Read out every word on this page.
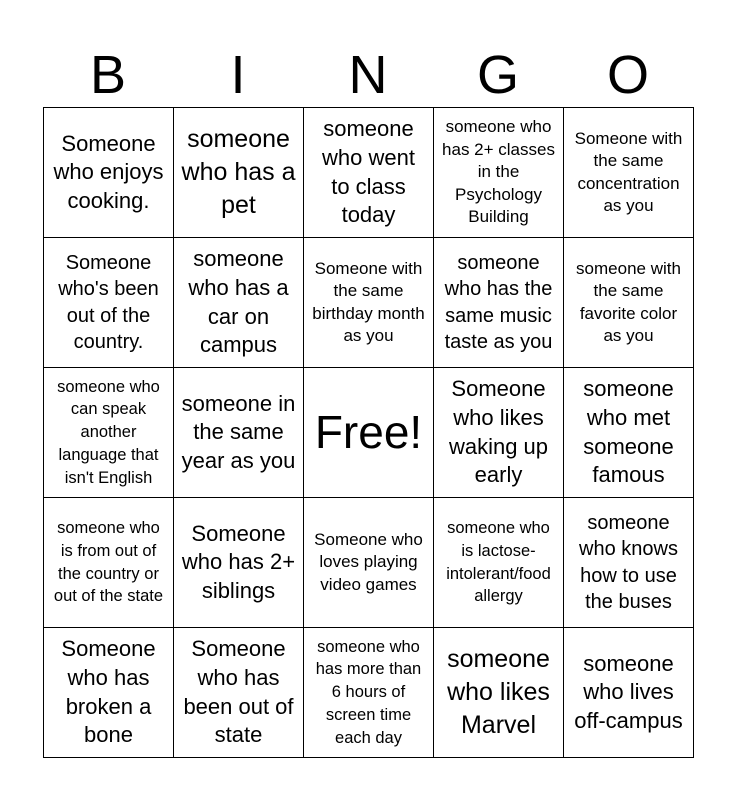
B	I	N	G	O
Someone who enjoys cooking.
someone who has a pet
someone who went to class today
someone who has 2+ classes in the Psychology Building
Someone with the same concentration as you
Someone who's been out of the country.
someone who has a car on campus
Someone with the same birthday month as you
someone who has the same music taste as you
someone with the same favorite color as you
someone who can speak another language that isn't English
someone in the same year as you
Free!
Someone who likes waking up early
someone who met someone famous
someone who is from out of the country or out of the state
Someone who has 2+ siblings
Someone who loves playing video games
someone who is lactose-intolerant/food allergy
someone who knows how to use the buses
Someone who has broken a bone
Someone who has been out of state
someone who has more than 6 hours of screen time each day
someone who likes Marvel
someone who lives off-campus
